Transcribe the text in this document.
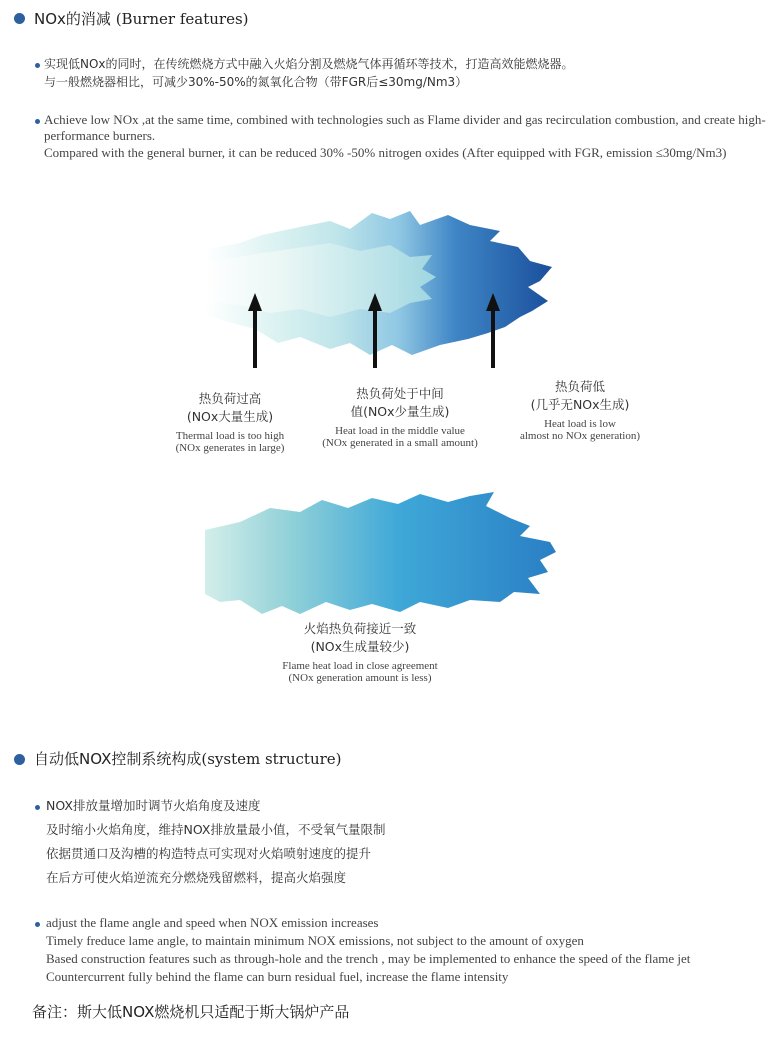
NOx的消减 (Burner features)
实现低NOx的同时，在传统燃烧方式中融入火焰分割及燃烧气体再循环等技术，打造高效能燃烧器。
与一般燃烧器相比，可减少30%-50%的氮氧化合物（带FGR后≤30mg/Nm3）
Achieve low NOx ,at the same time, combined with technologies such as Flame divider and gas recirculation combustion, and create high-performance burners.
Compared with the general burner, it can be reduced 30% -50% nitrogen oxides (After equipped with FGR, emission ≤30mg/Nm3)
热负荷过高
(NOx大量生成)
Thermal load is too high
(NOx generates in large)
热负荷处于中间
值(NOx少量生成)
Heat load in the middle value
(NOx generated in a small amount)
热负荷低
(几乎无NOx生成)
Heat load is low
almost no NOx generation)
火焰热负荷接近一致
(NOx生成量较少)
Flame heat load in close agreement
(NOx generation amount is less)
自动低NOX控制系统构成(system structure)
NOX排放量增加时调节火焰角度及速度
及时缩小火焰角度，维持NOX排放量最小值，不受氧气量限制
依据贯通口及沟槽的构造特点可实现对火焰喷射速度的提升
在后方可使火焰逆流充分燃烧残留燃料，提高火焰强度
adjust the flame angle and speed when NOX emission increases
Timely freduce lame angle, to maintain minimum NOX emissions, not subject to the amount of oxygen
Based construction features such as through-hole and the trench , may be implemented to enhance the speed of the flame jet
Countercurrent fully behind the flame can burn residual fuel, increase the flame intensity
备注：斯大低NOX燃烧机只适配于斯大锅炉产品
